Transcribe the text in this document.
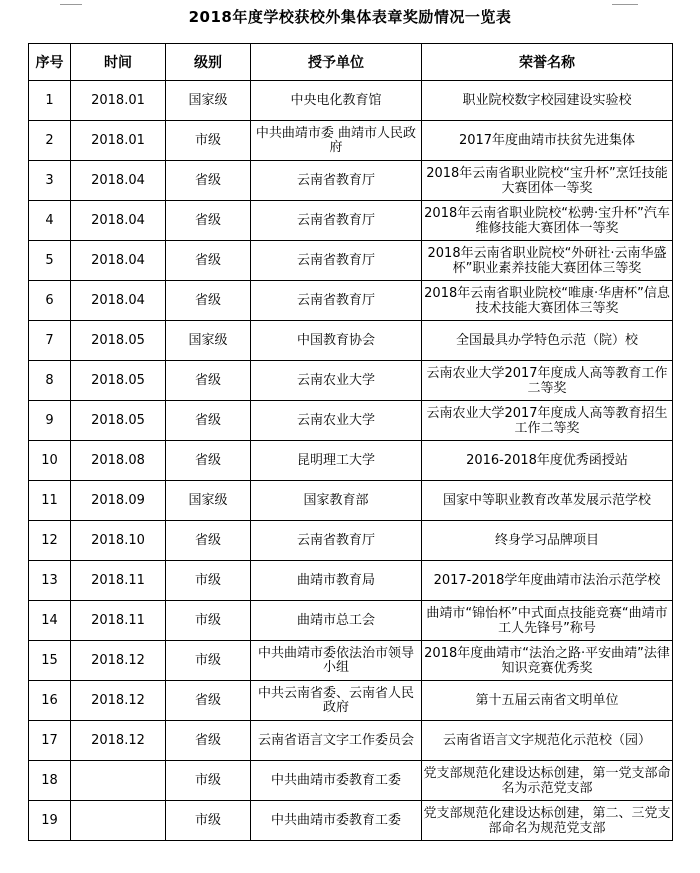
2018年度学校获校外集体表章奖励情况一览表
序号	时间	级别	授予单位	荣誉名称
1	2018.01	国家级	中央电化教育馆	职业院校数字校园建设实验校
2	2018.01	市级	中共曲靖市委 曲靖市人民政府	2017年度曲靖市扶贫先进集体
3	2018.04	省级	云南省教育厅	2018年云南省职业院校“宝升杯”烹饪技能大赛团体一等奖
4	2018.04	省级	云南省教育厅	2018年云南省职业院校“松骋·宝升杯”汽车维修技能大赛团体一等奖
5	2018.04	省级	云南省教育厅	2018年云南省职业院校“外研社·云南华盛杯”职业素养技能大赛团体三等奖
6	2018.04	省级	云南省教育厅	2018年云南省职业院校“唯康·华唐杯”信息技术技能大赛团体三等奖
7	2018.05	国家级	中国教育协会	全国最具办学特色示范（院）校
8	2018.05	省级	云南农业大学	云南农业大学2017年度成人高等教育工作二等奖
9	2018.05	省级	云南农业大学	云南农业大学2017年度成人高等教育招生工作二等奖
10	2018.08	省级	昆明理工大学	2016-2018年度优秀函授站
11	2018.09	国家级	国家教育部	国家中等职业教育改革发展示范学校
12	2018.10	省级	云南省教育厅	终身学习品牌项目
13	2018.11	市级	曲靖市教育局	2017-2018学年度曲靖市法治示范学校
14	2018.11	市级	曲靖市总工会	曲靖市“锦怡杯”中式面点技能竞赛“曲靖市工人先锋号”称号
15	2018.12	市级	中共曲靖市委依法治市领导小组	2018年度曲靖市“法治之路·平安曲靖”法律知识竞赛优秀奖
16	2018.12	省级	中共云南省委、云南省人民政府	第十五届云南省文明单位
17	2018.12	省级	云南省语言文字工作委员会	云南省语言文字规范化示范校（园）
18		市级	中共曲靖市委教育工委	党支部规范化建设达标创建，第一党支部命名为示范党支部
19		市级	中共曲靖市委教育工委	党支部规范化建设达标创建，第二、三党支部命名为规范党支部
